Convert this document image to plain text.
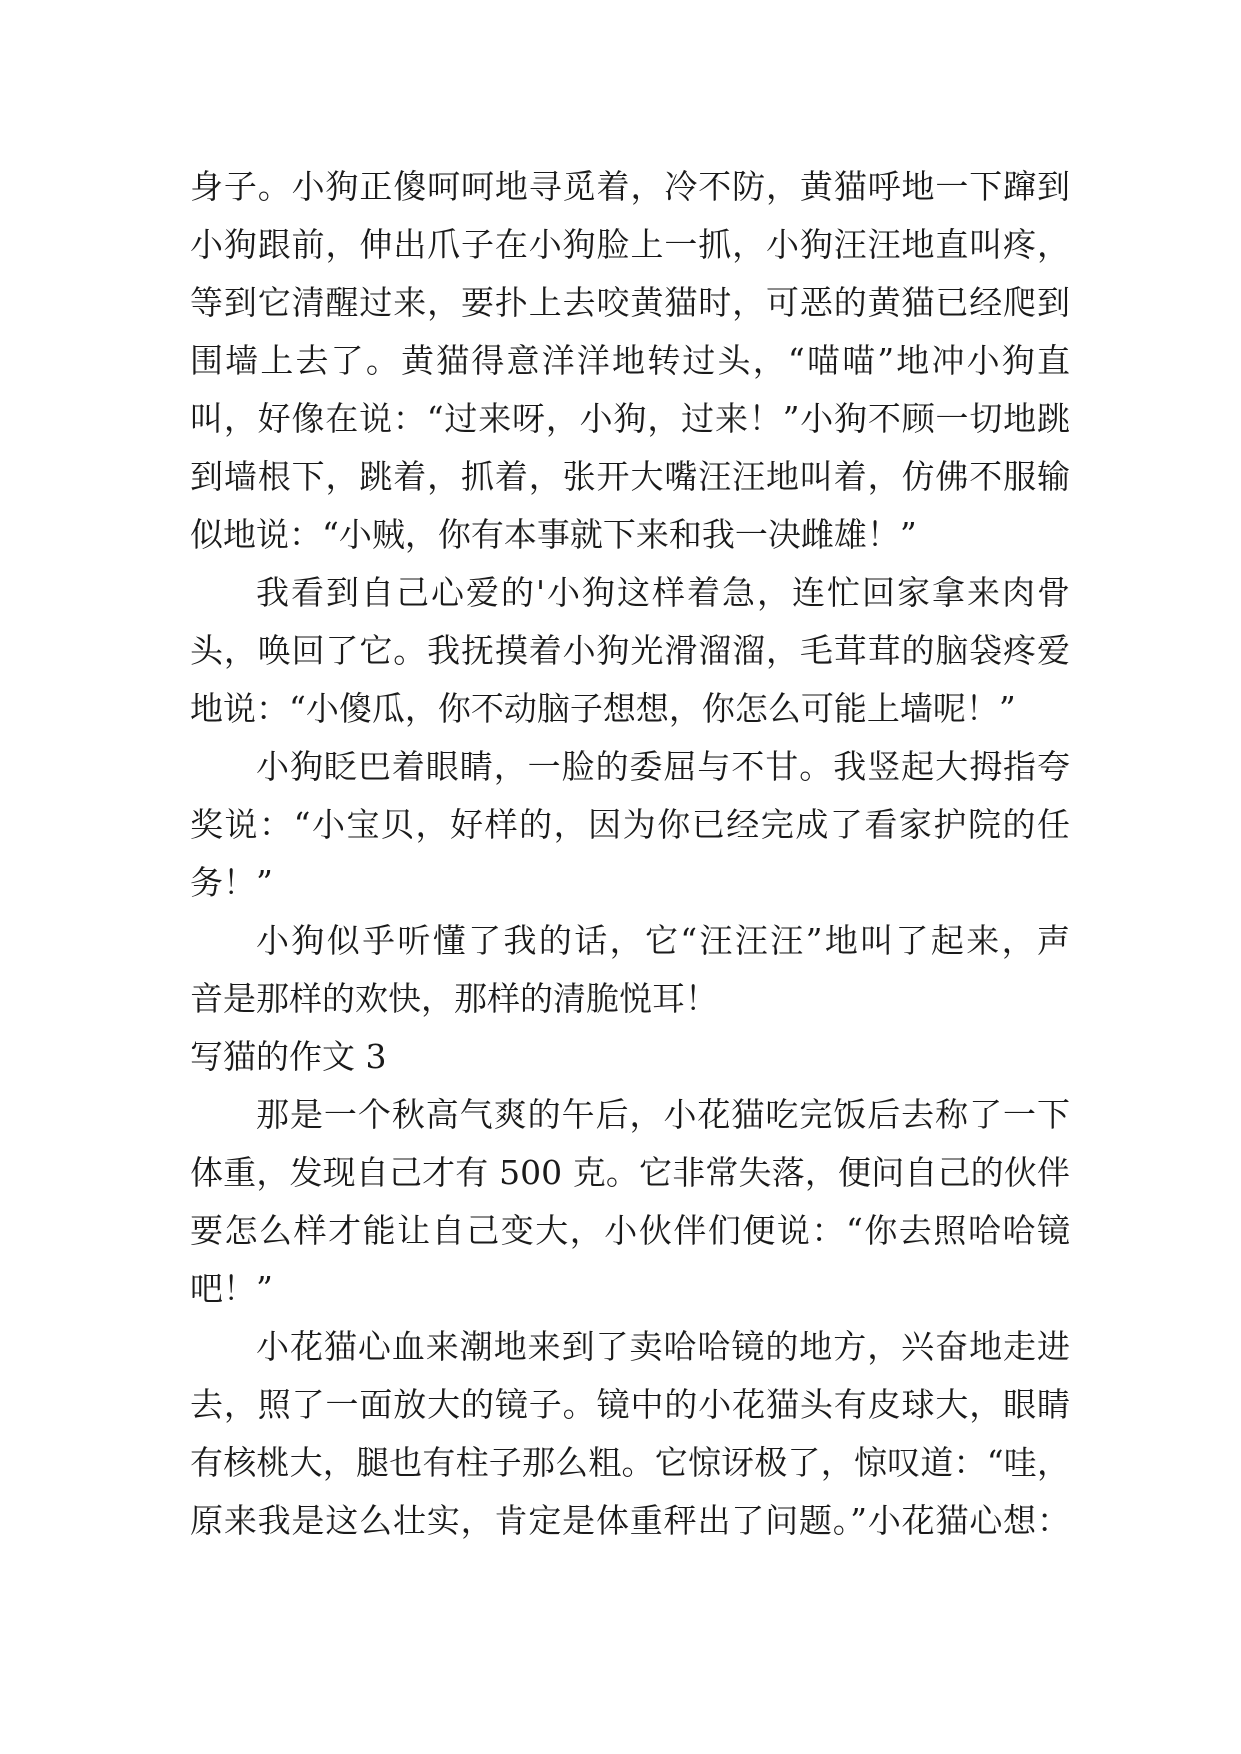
身子。小狗正傻呵呵地寻觅着，冷不防，黄猫呼地一下蹿到
小狗跟前，伸出爪子在小狗脸上一抓，小狗汪汪地直叫疼，
等到它清醒过来，要扑上去咬黄猫时，可恶的黄猫已经爬到
围墙上去了。黄猫得意洋洋地转过头，“喵喵”地冲小狗直
叫，好像在说：“过来呀，小狗，过来！”小狗不顾一切地跳
到墙根下，跳着，抓着，张开大嘴汪汪地叫着，仿佛不服输
似地说：“小贼，你有本事就下来和我一决雌雄！”
我看到自己心爱的'小狗这样着急，连忙回家拿来肉骨
头，唤回了它。我抚摸着小狗光滑溜溜，毛茸茸的脑袋疼爱
地说：“小傻瓜，你不动脑子想想，你怎么可能上墙呢！”
小狗眨巴着眼睛，一脸的委屈与不甘。我竖起大拇指夸
奖说：“小宝贝，好样的，因为你已经完成了看家护院的任
务！”
小狗似乎听懂了我的话，它“汪汪汪”地叫了起来，声
音是那样的欢快，那样的清脆悦耳！
写猫的作文 3
那是一个秋高气爽的午后，小花猫吃完饭后去称了一下
体重，发现自己才有 500 克。它非常失落，便问自己的伙伴
要怎么样才能让自己变大，小伙伴们便说：“你去照哈哈镜
吧！”
小花猫心血来潮地来到了卖哈哈镜的地方，兴奋地走进
去，照了一面放大的镜子。镜中的小花猫头有皮球大，眼睛
有核桃大，腿也有柱子那么粗。它惊讶极了，惊叹道：“哇，
原来我是这么壮实，肯定是体重秤出了问题。”小花猫心想：
